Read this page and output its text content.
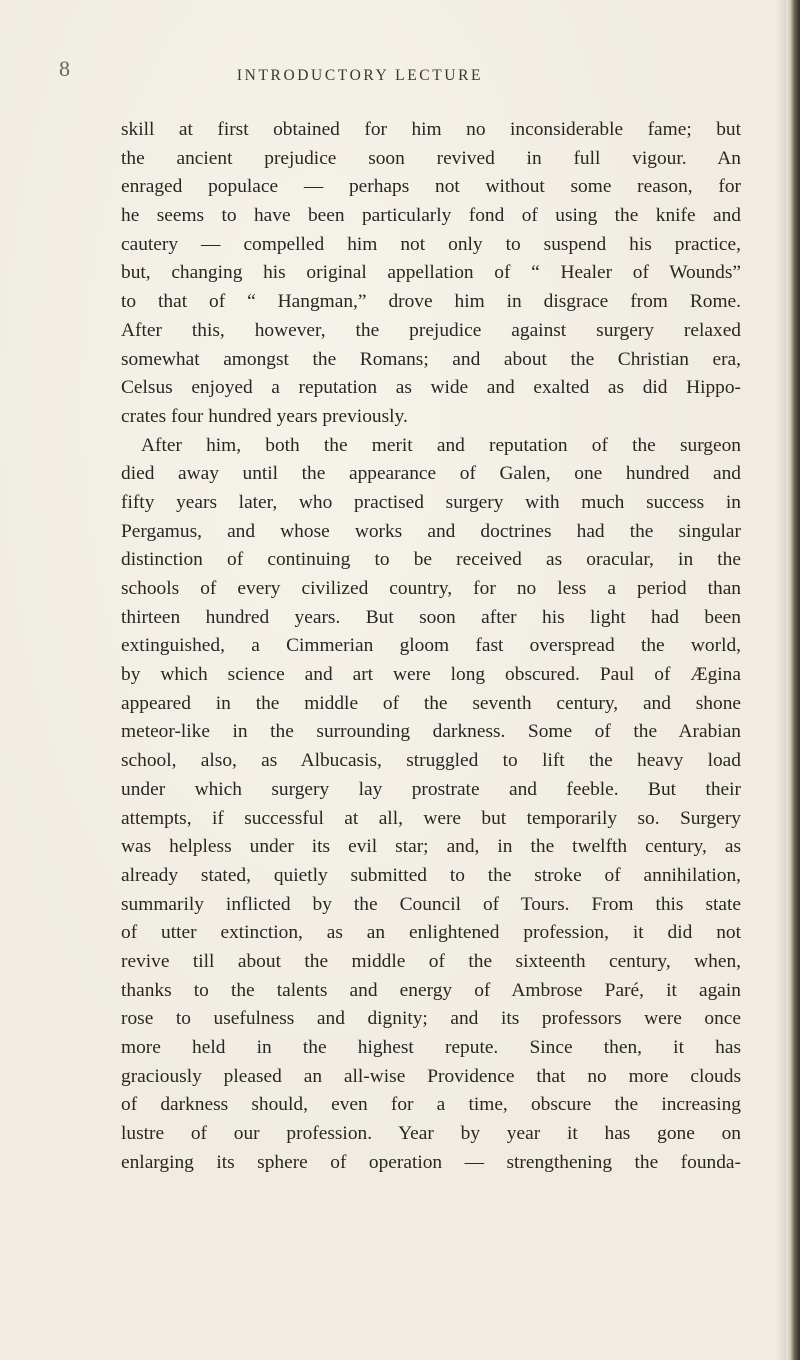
8	INTRODUCTORY LECTURE
skill at first obtained for him no inconsiderable fame; but
the ancient prejudice soon revived in full vigour. An
enraged populace — perhaps not without some reason, for
he seems to have been particularly fond of using the knife and
cautery — compelled him not only to suspend his practice,
but, changing his original appellation of “ Healer of Wounds”
to that of “ Hangman,” drove him in disgrace from Rome.
After this, however, the prejudice against surgery relaxed
somewhat amongst the Romans; and about the Christian era,
Celsus enjoyed a reputation as wide and exalted as did Hippo-
crates four hundred years previously.
After him, both the merit and reputation of the surgeon
died away until the appearance of Galen, one hundred and
fifty years later, who practised surgery with much success in
Pergamus, and whose works and doctrines had the singular
distinction of continuing to be received as oracular, in the
schools of every civilized country, for no less a period than
thirteen hundred years. But soon after his light had been
extinguished, a Cimmerian gloom fast overspread the world,
by which science and art were long obscured. Paul of Ægina
appeared in the middle of the seventh century, and shone
meteor-like in the surrounding darkness. Some of the Arabian
school, also, as Albucasis, struggled to lift the heavy load
under which surgery lay prostrate and feeble. But their
attempts, if successful at all, were but temporarily so. Surgery
was helpless under its evil star; and, in the twelfth century, as
already stated, quietly submitted to the stroke of annihilation,
summarily inflicted by the Council of Tours. From this state
of utter extinction, as an enlightened profession, it did not
revive till about the middle of the sixteenth century, when,
thanks to the talents and energy of Ambrose Paré, it again
rose to usefulness and dignity; and its professors were once
more held in the highest repute. Since then, it has
graciously pleased an all-wise Providence that no more clouds
of darkness should, even for a time, obscure the increasing
lustre of our profession. Year by year it has gone on
enlarging its sphere of operation — strengthening the founda-
